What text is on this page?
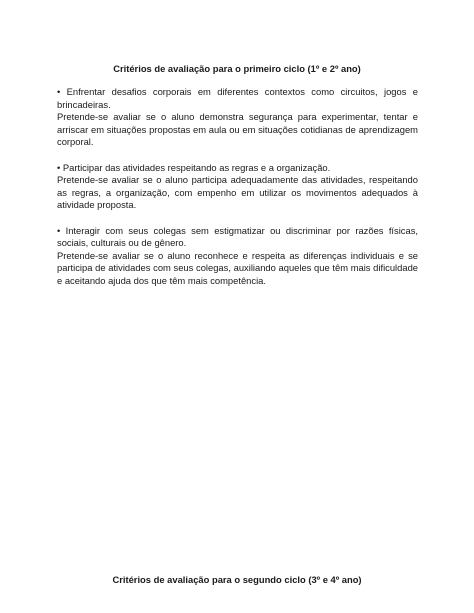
Critérios de avaliação para o primeiro ciclo (1º e 2º ano)

• Enfrentar desafios corporais em diferentes contextos como circuitos, jogos e brincadeiras.

Pretende-se avaliar se o aluno demonstra segurança para experimentar, tentar e arriscar em situações propostas em aula ou em situações cotidianas de aprendizagem corporal.

• Participar das atividades respeitando as regras e a organização.

Pretende-se avaliar se o aluno participa adequadamente das atividades, respeitando as regras, a organização, com empenho em utilizar os movimentos adequados à atividade proposta.

• Interagir com seus colegas sem estigmatizar ou discriminar por razões físicas, sociais, culturais ou de gênero.

Pretende-se avaliar se o aluno reconhece e respeita as diferenças individuais e se participa de atividades com seus colegas, auxiliando aqueles que têm mais dificuldade e aceitando ajuda dos que têm mais competência.

Critérios de avaliação para o segundo ciclo (3º e 4º ano)
